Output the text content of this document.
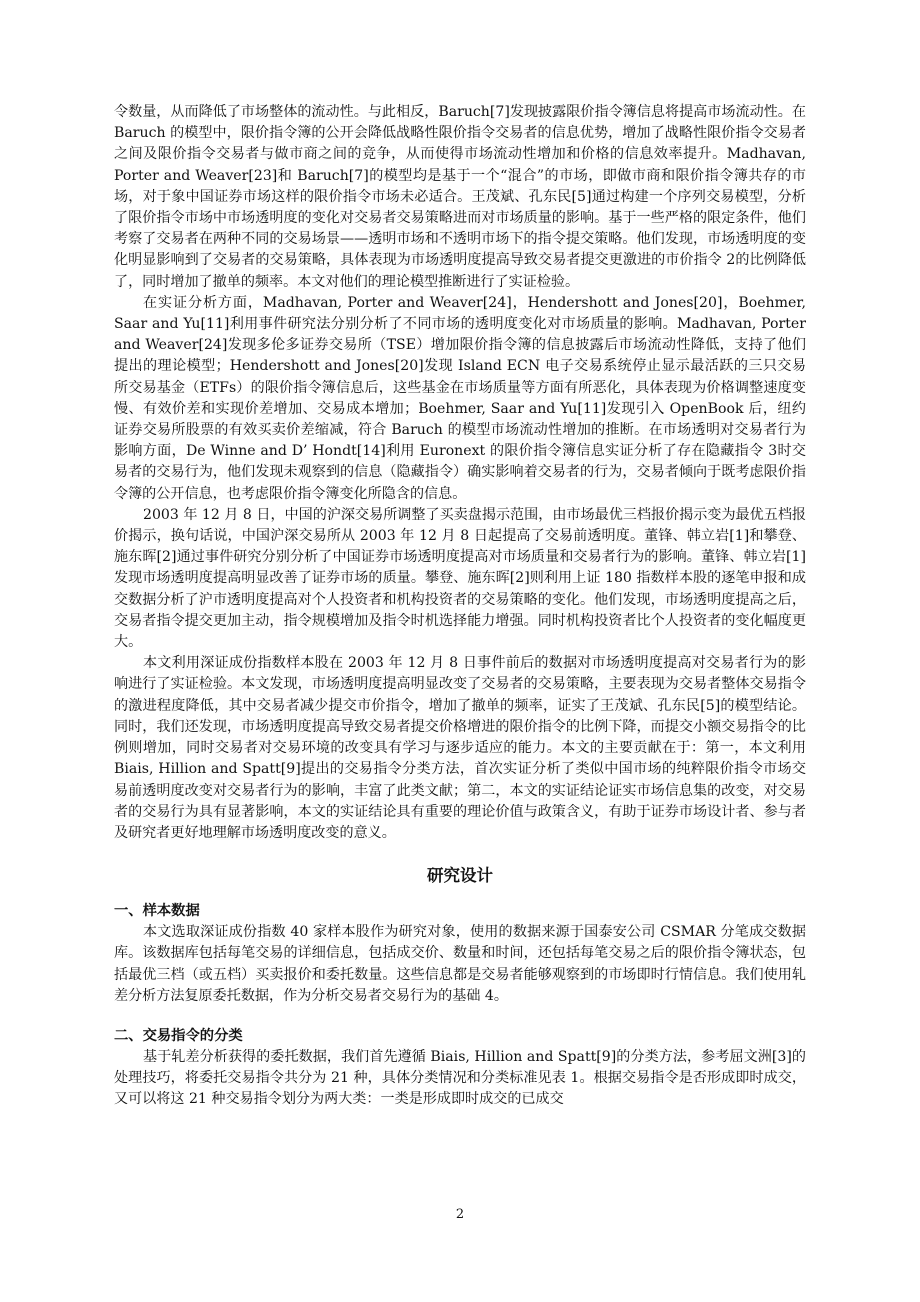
令数量，从而降低了市场整体的流动性。与此相反，Baruch[7]发现披露限价指令簿信息将提高市场流动性。在 Baruch 的模型中，限价指令簿的公开会降低战略性限价指令交易者的信息优势，增加了战略性限价指令交易者之间及限价指令交易者与做市商之间的竞争，从而使得市场流动性增加和价格的信息效率提升。Madhavan, Porter and Weaver[23]和 Baruch[7]的模型均是基于一个“混合”的市场，即做市商和限价指令簿共存的市场，对于象中国证券市场这样的限价指令市场未必适合。王茂斌、孔东民[5]通过构建一个序列交易模型，分析了限价指令市场中市场透明度的变化对交易者交易策略进而对市场质量的影响。基于一些严格的限定条件，他们考察了交易者在两种不同的交易场景——透明市场和不透明市场下的指令提交策略。他们发现，市场透明度的变化明显影响到了交易者的交易策略，具体表现为市场透明度提高导致交易者提交更激进的市价指令 2的比例降低了，同时增加了撤单的频率。本文对他们的理论模型推断进行了实证检验。

在实证分析方面，Madhavan, Porter and Weaver[24]，Hendershott and Jones[20]，Boehmer, Saar and Yu[11]利用事件研究法分别分析了不同市场的透明度变化对市场质量的影响。Madhavan, Porter and Weaver[24]发现多伦多证券交易所（TSE）增加限价指令簿的信息披露后市场流动性降低，支持了他们提出的理论模型；Hendershott and Jones[20]发现 Island ECN 电子交易系统停止显示最活跃的三只交易所交易基金（ETFs）的限价指令簿信息后，这些基金在市场质量等方面有所恶化，具体表现为价格调整速度变慢、有效价差和实现价差增加、交易成本增加；Boehmer, Saar and Yu[11]发现引入 OpenBook 后，纽约证券交易所股票的有效买卖价差缩减，符合 Baruch 的模型市场流动性增加的推断。在市场透明对交易者行为影响方面，De Winne and D’ Hondt[14]利用 Euronext 的限价指令簿信息实证分析了存在隐藏指令 3时交易者的交易行为，他们发现未观察到的信息（隐藏指令）确实影响着交易者的行为，交易者倾向于既考虑限价指令簿的公开信息，也考虑限价指令簿变化所隐含的信息。

2003 年 12 月 8 日，中国的沪深交易所调整了买卖盘揭示范围，由市场最优三档报价揭示变为最优五档报价揭示，换句话说，中国沪深交易所从 2003 年 12 月 8 日起提高了交易前透明度。董锋、韩立岩[1]和攀登、施东晖[2]通过事件研究分别分析了中国证券市场透明度提高对市场质量和交易者行为的影响。董锋、韩立岩[1]发现市场透明度提高明显改善了证券市场的质量。攀登、施东晖[2]则利用上证 180 指数样本股的逐笔申报和成交数据分析了沪市透明度提高对个人投资者和机构投资者的交易策略的变化。他们发现，市场透明度提高之后，交易者指令提交更加主动，指令规模增加及指令时机选择能力增强。同时机构投资者比个人投资者的变化幅度更大。

本文利用深证成份指数样本股在 2003 年 12 月 8 日事件前后的数据对市场透明度提高对交易者行为的影响进行了实证检验。本文发现，市场透明度提高明显改变了交易者的交易策略，主要表现为交易者整体交易指令的激进程度降低，其中交易者减少提交市价指令，增加了撤单的频率，证实了王茂斌、孔东民[5]的模型结论。同时，我们还发现，市场透明度提高导致交易者提交价格增进的限价指令的比例下降，而提交小额交易指令的比例则增加，同时交易者对交易环境的改变具有学习与逐步适应的能力。本文的主要贡献在于：第一，本文利用 Biais, Hillion and Spatt[9]提出的交易指令分类方法，首次实证分析了类似中国市场的纯粹限价指令市场交易前透明度改变对交易者行为的影响，丰富了此类文献；第二，本文的实证结论证实市场信息集的改变，对交易者的交易行为具有显著影响，本文的实证结论具有重要的理论价值与政策含义，有助于证券市场设计者、参与者及研究者更好地理解市场透明度改变的意义。

研究设计
一、样本数据

本文选取深证成份指数 40 家样本股作为研究对象，使用的数据来源于国泰安公司 CSMAR 分笔成交数据库。该数据库包括每笔交易的详细信息，包括成交价、数量和时间，还包括每笔交易之后的限价指令簿状态，包括最优三档（或五档）买卖报价和委托数量。这些信息都是交易者能够观察到的市场即时行情信息。我们使用轧差分析方法复原委托数据，作为分析交易者交易行为的基础 4。

二、交易指令的分类

基于轧差分析获得的委托数据，我们首先遵循 Biais, Hillion and Spatt[9]的分类方法，参考屈文洲[3]的处理技巧，将委托交易指令共分为 21 种，具体分类情况和分类标准见表 1。根据交易指令是否形成即时成交，又可以将这 21 种交易指令划分为两大类：一类是形成即时成交的已成交

2
